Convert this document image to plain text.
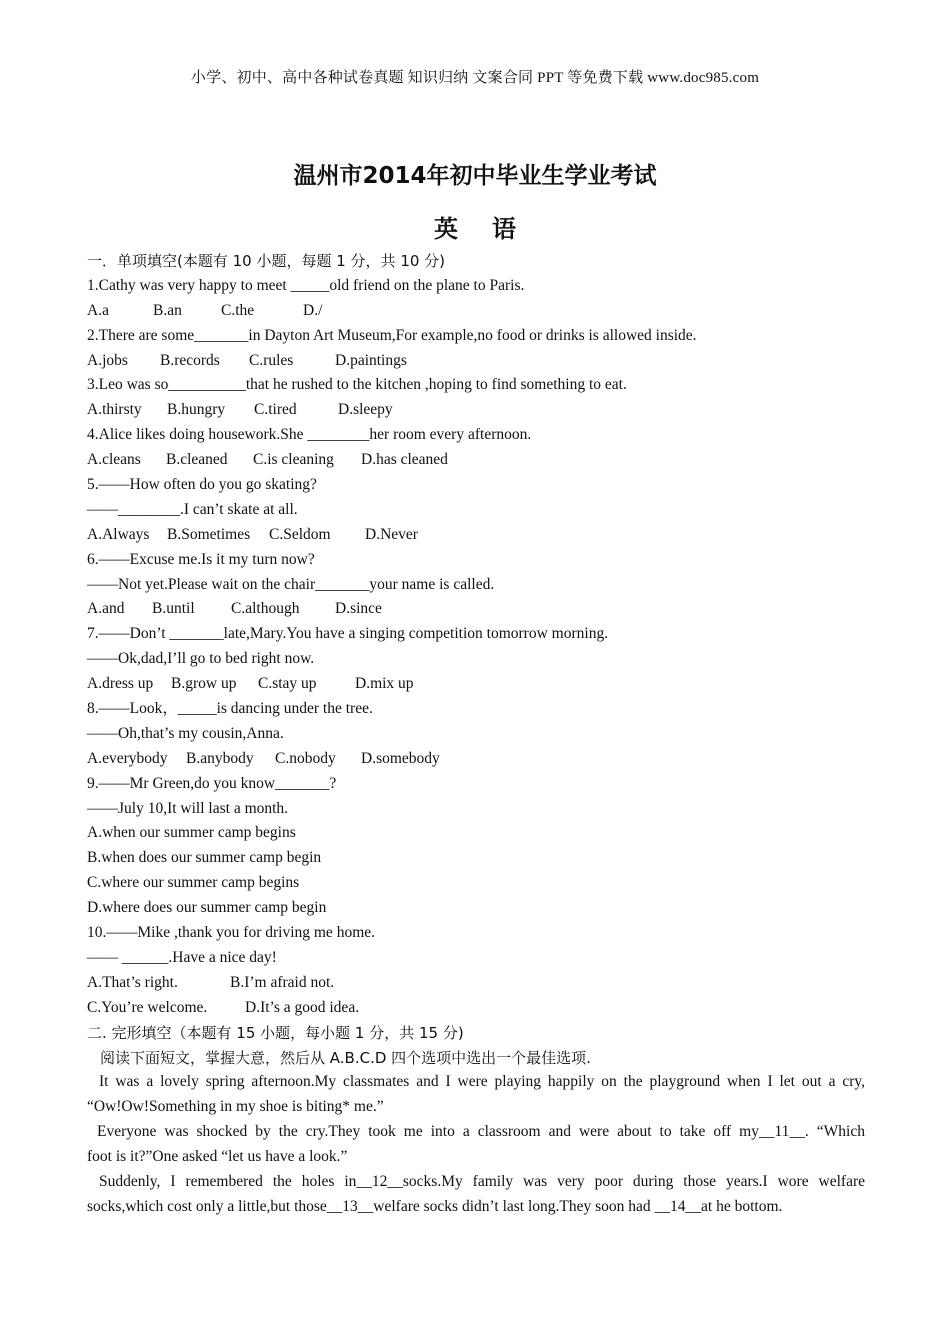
小学、初中、高中各种试卷真题 知识归纳 文案合同 PPT 等免费下载 www.doc985.com
温州市2014年初中毕业生学业考试
英语
一．单项填空(本题有 10 小题，每题 1 分，共 10 分)
1.Cathy was very happy to meet _____old friend on the plane to Paris.
A.a	B.an	C.the	D./
2.There are some_______in Dayton Art Museum,For example,no food or drinks is allowed inside.
A.jobs B.records C.rules	D.paintings
3.Leo was so__________that he rushed to the kitchen ,hoping to find something to eat.
A.thirsty B.hungry C.tired	D.sleepy
4.Alice likes doing housework.She ________her room every afternoon.
A.cleans B.cleaned C.is cleaning D.has cleaned
5.——How often do you go skating?
——________.I can’t skate at all.
A.Always B.Sometimes C.Seldom D.Never
6.——Excuse me.Is it my turn now?
——Not yet.Please wait on the chair_______your name is called.
A.and B.until C.although D.since
7.——Don’t _______late,Mary.You have a singing competition tomorrow morning.
——Ok,dad,I’ll go to bed right now.
A.dress up B.grow up C.stay up D.mix up
8.——Look，_____is dancing under the tree.
——Oh,that’s my cousin,Anna.
A.everybody B.anybody C.nobody D.somebody
9.——Mr Green,do you know_______?
——July 10,It will last a month.
A.when our summer camp begins
B.when does our summer camp begin
C.where our summer camp begins
D.where does our summer camp begin
10.——Mike ,thank you for driving me home.
—— ______.Have a nice day!
A.That’s right.	B.I’m afraid not.
C.You’re welcome. D.It’s a good idea.
二. 完形填空（本题有 15 小题，每小题 1 分，共 15 分)
阅读下面短文，掌握大意，然后从 A.B.C.D 四个选项中选出一个最佳选项.
It was a lovely spring afternoon.My classmates and I were playing happily on the playground when I let out a cry,
“Ow!Ow!Something in my shoe is biting* me.”
Everyone was shocked by the cry.They took me into a classroom and were about to take off my__11__. “Which
foot is it?”One asked “let us have a look.”
Suddenly, I remembered the holes in__12__socks.My family was very poor during those years.I wore welfare
socks,which cost only a little,but those__13__welfare socks didn’t last long.They soon had __14__at he bottom.
